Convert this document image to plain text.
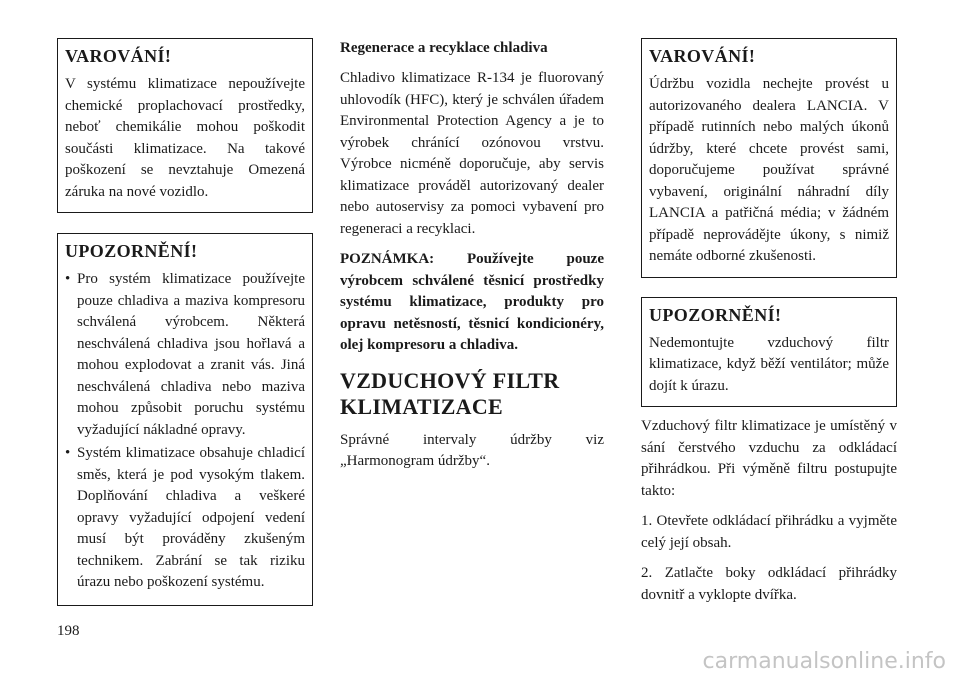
VAROVÁNÍ!

V systému klimatizace nepoužívejte chemické proplachovací prostředky, neboť chemikálie mohou poškodit součásti klimatizace. Na takové poškození se nevztahuje Omezená záruka na nové vozidlo.

UPOZORNĚNÍ!
• Pro systém klimatizace používejte pouze chladiva a maziva kompresoru schválená výrobcem. Některá neschválená chladiva jsou hořlavá a mohou explodovat a zranit vás. Jiná neschválená chladiva nebo maziva mohou způsobit poruchu systému vyžadující nákladné opravy.
• Systém klimatizace obsahuje chladicí směs, která je pod vysokým tlakem. Doplňování chladiva a veškeré opravy vyžadující odpojení vedení musí být prováděny zkušeným technikem. Zabrání se tak riziku úrazu nebo poškození systému.
Regenerace a recyklace chladiva

Chladivo klimatizace R-134 je fluorovaný uhlovodík (HFC), který je schválen úřadem Environmental Protection Agency a je to výrobek chránící ozónovou vrstvu. Výrobce nicméně doporučuje, aby servis klimatizace prováděl autorizovaný dealer nebo autoservisy za pomoci vybavení pro regeneraci a recyklaci.

POZNÁMKA: Používejte pouze výrobcem schválené těsnicí prostředky systému klimatizace, produkty pro opravu netěsností, těsnicí kondicionéry, olej kompresoru a chladiva.

VZDUCHOVÝ FILTR KLIMATIZACE

Správné intervaly údržby viz „Harmonogram údržby“.

VAROVÁNÍ!

Údržbu vozidla nechejte provést u autorizovaného dealera LANCIA. V případě rutinních nebo malých úkonů údržby, které chcete provést sami, doporučujeme používat správné vybavení, originální náhradní díly LANCIA a patřičná média; v žádném případě neprovádějte úkony, s nimiž nemáte odborné zkušenosti.

UPOZORNĚNÍ!

Nedemontujte vzduchový filtr klimatizace, když běží ventilátor; může dojít k úrazu.

Vzduchový filtr klimatizace je umístěný v sání čerstvého vzduchu za odkládací přihrádkou. Při výměně filtru postupujte takto:

1. Otevřete odkládací přihrádku a vyjměte celý její obsah.

2. Zatlačte boky odkládací přihrádky dovnitř a vyklopte dvířka.

198
carmanualsonline.info
